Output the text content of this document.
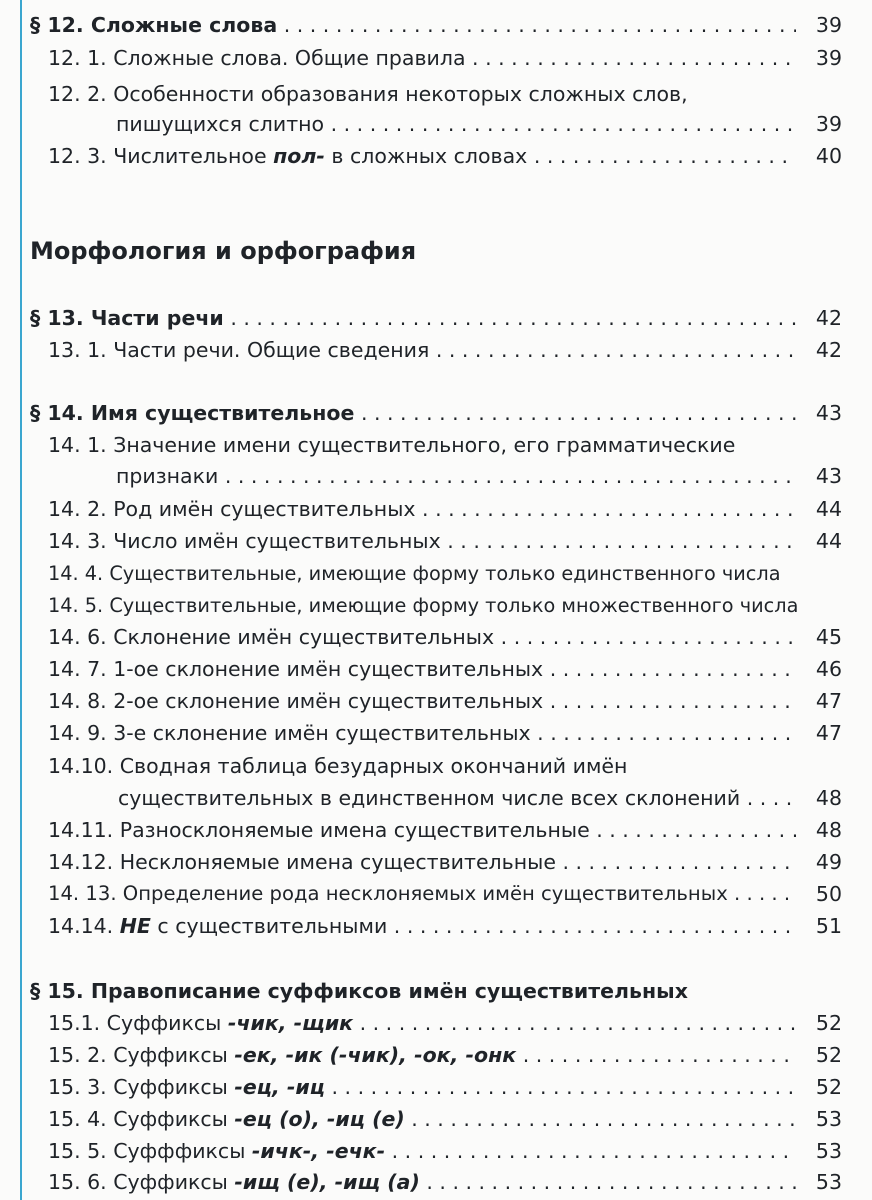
§ 12. Сложные слова . . .	39
12. 1. Сложные слова. Общие правила . . .	39
12. 2. Особенности образования некоторых сложных слов,
пишущихся слитно . . .	39
12. 3. Числительное пол- в сложных словах . . .	40
Морфология и орфография
§ 13. Части речи . . .	42
13. 1. Части речи. Общие сведения . . .	42
§ 14. Имя существительное . . .	43
14. 1. Значение имени существительного, его грамматические
признаки . . .	43
14. 2. Род имён существительных . . .	44
14. 3. Число имён существительных . . .	44
14. 4. Существительные, имеющие форму только единственного числа
14. 5. Существительные, имеющие форму только множественного числа
14. 6. Склонение имён существительных . . .	45
14. 7. 1-ое склонение имён существительных . . .	46
14. 8. 2-ое склонение имён существительных . . .	47
14. 9. 3-е склонение имён существительных . . .	47
14.10. Сводная таблица безударных окончаний имён
существительных в единственном числе всех склонений . . .	48
14.11. Разносклоняемые имена существительные . . .	48
14.12. Несклоняемые имена существительные . . .	49
14. 13. Определение рода несклоняемых имён существительных . . .	50
14.14. НЕ с существительными . . .	51
§ 15. Правописание суффиксов имён существительных
15.1. Суффиксы -чик, -щик . . .	52
15. 2. Суффиксы -ек, -ик (-чик), -ок, -онк . . .	52
15. 3. Суффиксы -ец, -иц . . .	52
15. 4. Суффиксы -ец (о), -иц (е) . . .	53
15. 5. Суфффиксы -ичк-, -ечк- . . .	53
15. 6. Суффиксы -ищ (е), -ищ (а) . . .	53
